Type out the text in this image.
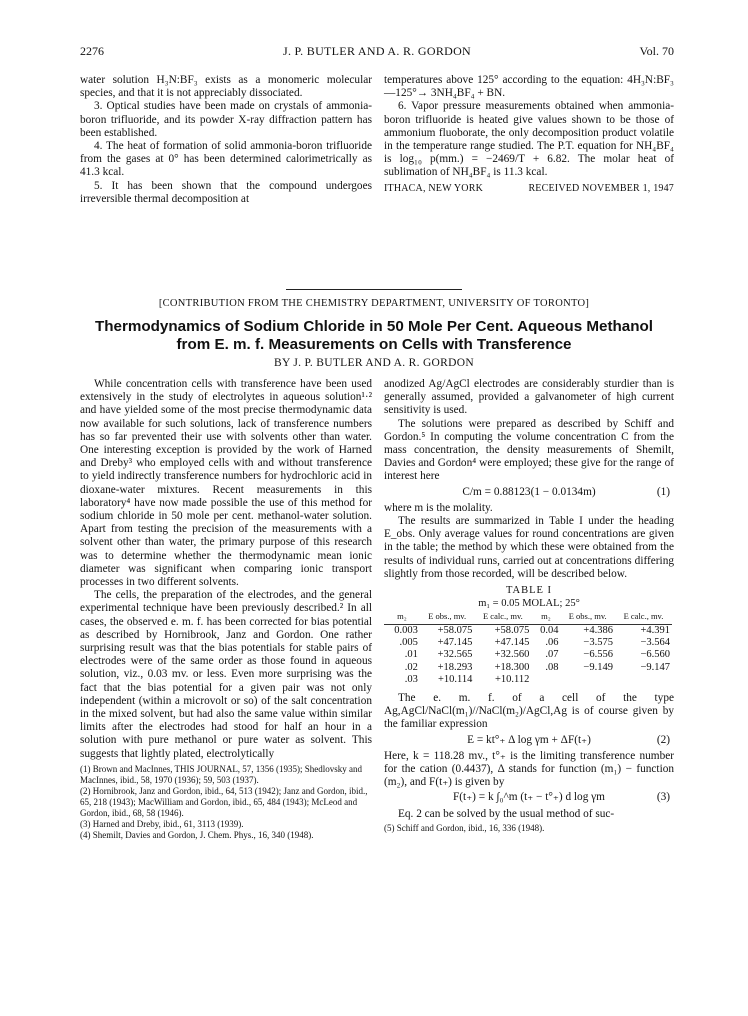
2276	J. P. BUTLER AND A. R. GORDON	Vol. 70

water solution H₃N:BF₃ exists as a monomeric molecular species, and that it is not appreciably dissociated.

3. Optical studies have been made on crystals of ammonia-boron trifluoride, and its powder X-ray diffraction pattern has been established.

4. The heat of formation of solid ammonia-boron trifluoride from the gases at 0° has been determined calorimetrically as 41.3 kcal.

5. It has been shown that the compound undergoes irreversible thermal decomposition at

temperatures above 125° according to the equation: 4H₃N:BF₃ —125°→ 3NH₄BF₄ + BN.

6. Vapor pressure measurements obtained when ammonia-boron trifluoride is heated give values shown to be those of ammonium fluoborate, the only decomposition product volatile in the temperature range studied. The P.T. equation for NH₄BF₄ is log₁₀ p(mm.) = −2469/T + 6.82. The molar heat of sublimation of NH₄BF₄ is 11.3 kcal.

ITHACA, NEW YORK	RECEIVED NOVEMBER 1, 1947

[CONTRIBUTION FROM THE CHEMISTRY DEPARTMENT, UNIVERSITY OF TORONTO]
Thermodynamics of Sodium Chloride in 50 Mole Per Cent. Aqueous Methanol
from E. m. f. Measurements on Cells with Transference
BY J. P. BUTLER AND A. R. GORDON

While concentration cells with transference have been used extensively in the study of electrolytes in aqueous solution¹·² and have yielded some of the most precise thermodynamic data now available for such solutions, lack of transference numbers has so far prevented their use with solvents other than water. One interesting exception is provided by the work of Harned and Dreby³ who employed cells with and without transference to yield indirectly transference numbers for hydrochloric acid in dioxane-water mixtures. Recent measurements in this laboratory⁴ have now made possible the use of this method for sodium chloride in 50 mole per cent. methanol-water solution. Apart from testing the precision of the measurements with a solvent other than water, the primary purpose of this research was to determine whether the thermodynamic mean ionic diameter was significant when comparing ionic transport processes in two different solvents.

The cells, the preparation of the electrodes, and the general experimental technique have been previously described.² In all cases, the observed e. m. f. has been corrected for bias potential as described by Hornibrook, Janz and Gordon. One rather surprising result was that the bias potentials for stable pairs of electrodes were of the same order as those found in aqueous solution, viz., 0.03 mv. or less. Even more surprising was the fact that the bias potential for a given pair was not only independent (within a microvolt or so) of the salt concentration in the mixed solvent, but had also the same value within similar limits after the electrodes had stood for half an hour in a solution with pure methanol or pure water as solvent. This suggests that lightly plated, electrolytically

(1) Brown and MacInnes, THIS JOURNAL, 57, 1356 (1935); Shedlovsky and MacInnes, ibid., 58, 1970 (1936); 59, 503 (1937).

(2) Hornibrook, Janz and Gordon, ibid., 64, 513 (1942); Janz and Gordon, ibid., 65, 218 (1943); MacWilliam and Gordon, ibid., 65, 484 (1943); McLeod and Gordon, ibid., 68, 58 (1946).

(3) Harned and Dreby, ibid., 61, 3113 (1939).

(4) Shemilt, Davies and Gordon, J. Chem. Phys., 16, 340 (1948).

anodized Ag/AgCl electrodes are considerably sturdier than is generally assumed, provided a galvanometer of high current sensitivity is used.

The solutions were prepared as described by Schiff and Gordon.⁵ In computing the volume concentration C from the mass concentration, the density measurements of Shemilt, Davies and Gordon⁴ were employed; these give for the range of interest here

C/m = 0.88123(1 − 0.0134m)	(1)

where m is the molality.

The results are summarized in Table I under the heading E_obs. Only average values for round concentrations are given in the table; the method by which these were obtained from the results of individual runs, carried out at concentrations differing slightly from those recorded, will be described below.

TABLE I
m₁ = 0.05 MOLAL; 25°
m₂	E obs., mv.	E calc., mv.	m₂	E obs., mv.	E calc., mv.
0.003	+58.075	+58.075	0.04	+4.386	+4.391
.005	+47.145	+47.145	.06	−3.575	−3.564
.01	+32.565	+32.560	.07	−6.556	−6.560
.02	+18.293	+18.300	.08	−9.149	−9.147
.03	+10.114	+10.112			

The e. m. f. of a cell of the type Ag,AgCl/NaCl(m₁)//NaCl(m₂)/AgCl,Ag is of course given by the familiar expression

E = kt°₊ Δ log γm + ΔF(t₊)	(2)

Here, k = 118.28 mv., t°₊ is the limiting transference number for the cation (0.4437), Δ stands for function (m₁) − function (m₂), and F(t₊) is given by

F(t₊) = k ∫₀^m (t₊ − t°₊) d log γm	(3)

Eq. 2 can be solved by the usual method of suc-

(5) Schiff and Gordon, ibid., 16, 336 (1948).
